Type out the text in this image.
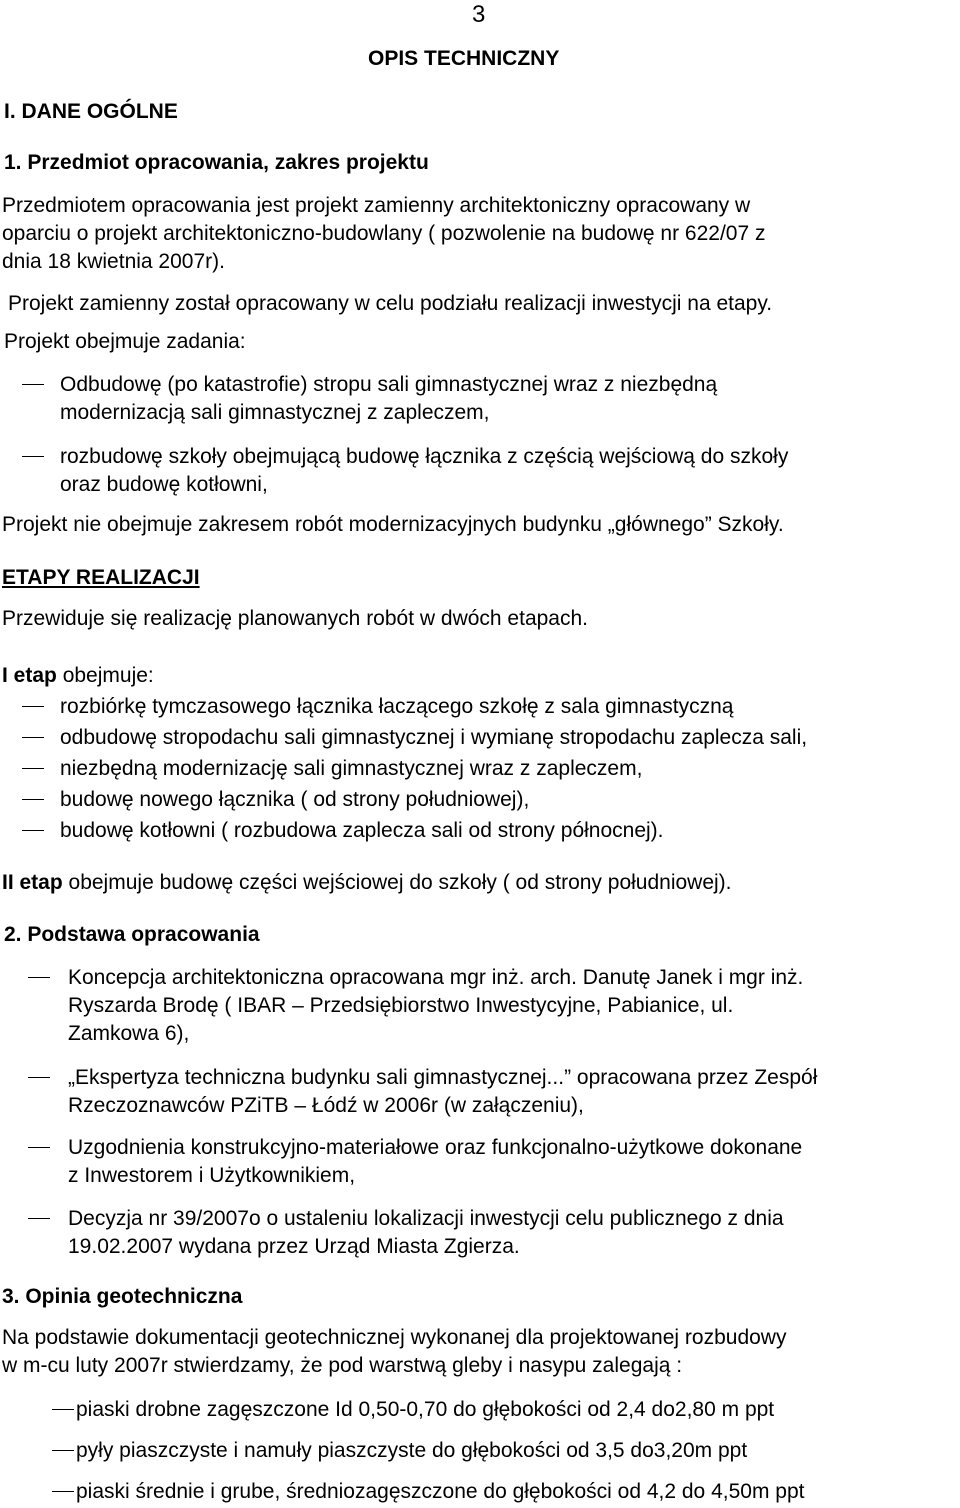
3
OPIS TECHNICZNY
I. DANE OGÓLNE
1. Przedmiot opracowania, zakres projektu
Przedmiotem opracowania jest projekt zamienny architektoniczny opracowany w
oparciu o projekt architektoniczno-budowlany ( pozwolenie na budowę nr 622/07 z
dnia 18 kwietnia 2007r).
Projekt zamienny został opracowany w celu podziału realizacji inwestycji na etapy.
Projekt obejmuje zadania:
Odbudowę (po katastrofie) stropu sali gimnastycznej wraz z niezbędną
modernizacją sali gimnastycznej z zapleczem,
rozbudowę szkoły obejmującą budowę łącznika z częścią wejściową do szkoły
oraz budowę kotłowni,
Projekt nie obejmuje zakresem robót modernizacyjnych budynku „głównego” Szkoły.
ETAPY REALIZACJI
Przewiduje się realizację planowanych robót w dwóch etapach.
I etap obejmuje:
rozbiórkę tymczasowego łącznika łaczącego szkołę z sala gimnastyczną
odbudowę stropodachu sali gimnastycznej i wymianę stropodachu zaplecza sali,
niezbędną modernizację sali gimnastycznej wraz z zapleczem,
budowę nowego łącznika ( od strony południowej),
budowę kotłowni ( rozbudowa zaplecza sali od strony północnej).
II etap obejmuje budowę części wejściowej do szkoły ( od strony południowej).
2. Podstawa opracowania
Koncepcja architektoniczna opracowana mgr inż. arch. Danutę Janek i mgr inż.
Ryszarda Brodę ( IBAR – Przedsiębiorstwo Inwestycyjne, Pabianice, ul.
Zamkowa 6),
„Ekspertyza techniczna budynku sali gimnastycznej...” opracowana przez Zespół
Rzeczoznawców PZiTB – Łódź w 2006r (w załączeniu),
Uzgodnienia konstrukcyjno-materiałowe oraz funkcjonalno-użytkowe dokonane
z Inwestorem i Użytkownikiem,
Decyzja nr 39/2007o o ustaleniu lokalizacji inwestycji celu publicznego z dnia
19.02.2007 wydana przez Urząd Miasta Zgierza.
3. Opinia geotechniczna
Na podstawie dokumentacji geotechnicznej wykonanej dla projektowanej rozbudowy
w m-cu luty 2007r stwierdzamy, że pod warstwą gleby i nasypu zalegają :
piaski drobne zagęszczone Id 0,50-0,70 do głębokości od 2,4 do2,80 m ppt
pyły piaszczyste i namuły piaszczyste do głębokości od 3,5 do3,20m ppt
piaski średnie i grube, średniozagęszczone do głębokości od 4,2 do 4,50m ppt
